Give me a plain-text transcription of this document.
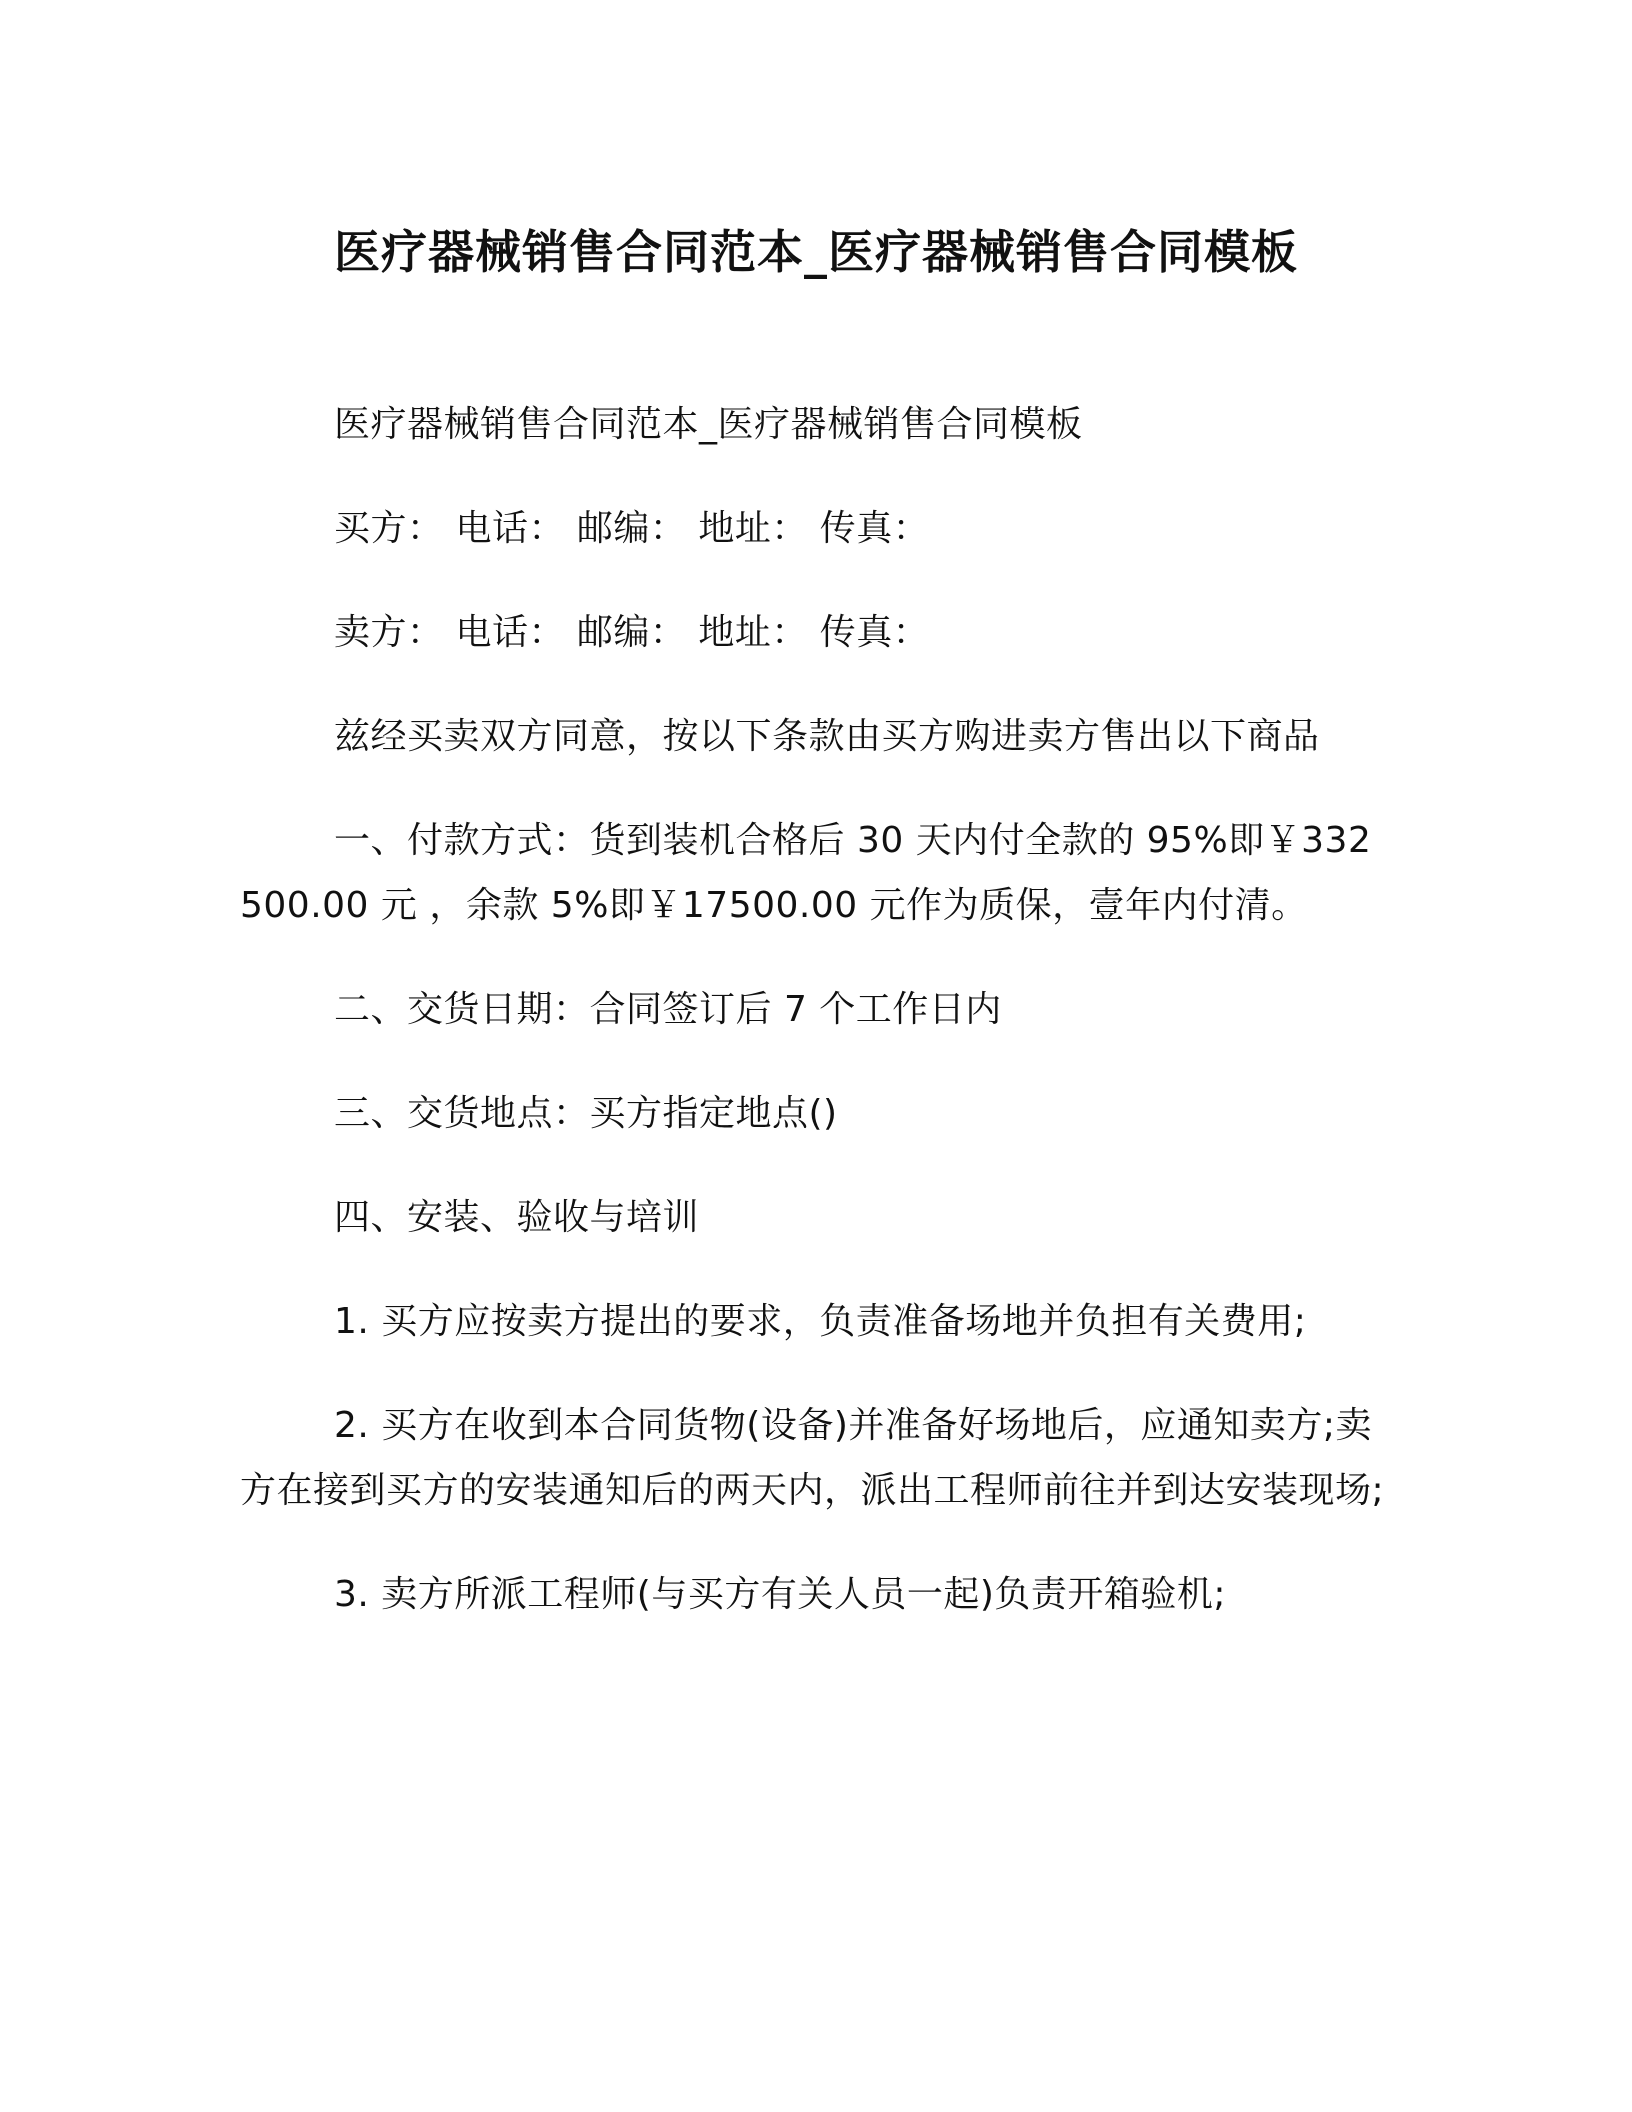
医疗器械销售合同范本_医疗器械销售合同模板

医疗器械销售合同范本_医疗器械销售合同模板

买方： 电话： 邮编： 地址： 传真：

卖方： 电话： 邮编： 地址： 传真：

兹经买卖双方同意，按以下条款由买方购进卖方售出以下商品

一、付款方式：货到装机合格后 30 天内付全款的 95%即￥332500.00 元 ，余款 5%即￥17500.00 元作为质保，壹年内付清。

二、交货日期：合同签订后 7 个工作日内

三、交货地点：买方指定地点()

四、安装、验收与培训

1. 买方应按卖方提出的要求，负责准备场地并负担有关费用;

2. 买方在收到本合同货物(设备)并准备好场地后，应通知卖方;卖方在接到买方的安装通知后的两天内，派出工程师前往并到达安装现场;

3. 卖方所派工程师(与买方有关人员一起)负责开箱验机;
